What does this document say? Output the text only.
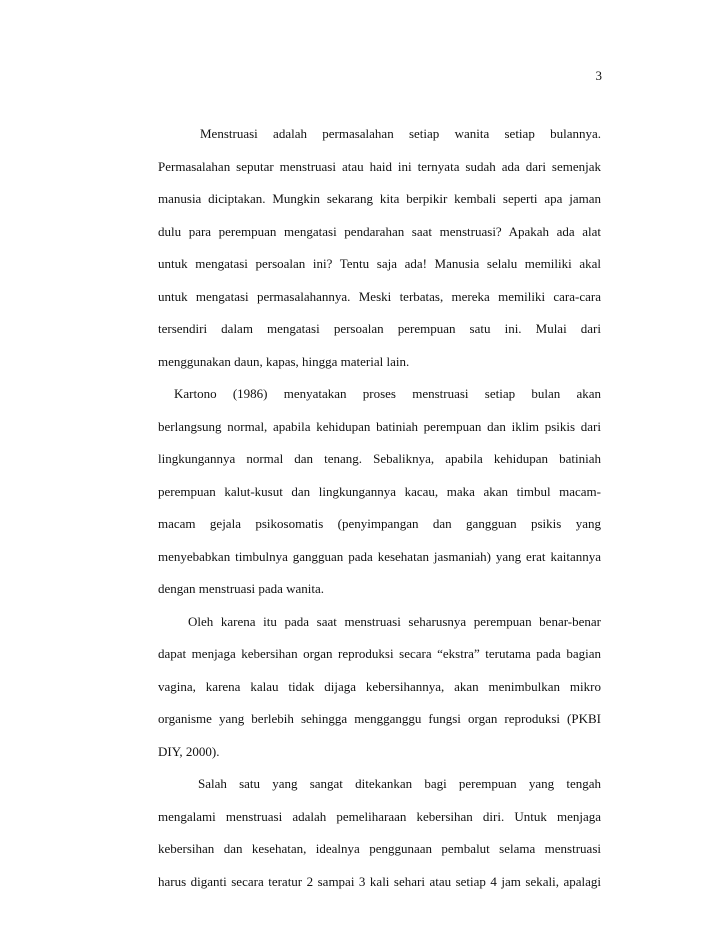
3
Menstruasi adalah permasalahan setiap wanita setiap bulannya.
Permasalahan seputar menstruasi atau haid ini ternyata sudah ada dari semenjak
manusia diciptakan. Mungkin sekarang kita berpikir kembali seperti apa jaman
dulu para perempuan mengatasi pendarahan saat menstruasi? Apakah ada alat
untuk mengatasi persoalan ini? Tentu saja ada! Manusia selalu memiliki akal
untuk mengatasi permasalahannya. Meski terbatas, mereka memiliki cara-cara
tersendiri dalam mengatasi persoalan perempuan satu ini. Mulai dari
menggunakan daun, kapas, hingga material lain.
Kartono (1986) menyatakan proses menstruasi setiap bulan akan
berlangsung normal, apabila kehidupan batiniah perempuan dan iklim psikis dari
lingkungannya normal dan tenang. Sebaliknya, apabila kehidupan batiniah
perempuan kalut-kusut dan lingkungannya kacau, maka akan timbul macam-
macam gejala psikosomatis (penyimpangan dan gangguan psikis yang
menyebabkan timbulnya gangguan pada kesehatan jasmaniah) yang erat kaitannya
dengan menstruasi pada wanita.
Oleh karena itu pada saat menstruasi seharusnya perempuan benar-benar
dapat menjaga kebersihan organ reproduksi secara “ekstra” terutama pada bagian
vagina, karena kalau tidak dijaga kebersihannya, akan menimbulkan mikro
organisme yang berlebih sehingga mengganggu fungsi organ reproduksi (PKBI
DIY, 2000).
Salah satu yang sangat ditekankan bagi perempuan yang tengah
mengalami menstruasi adalah pemeliharaan kebersihan diri. Untuk menjaga
kebersihan dan kesehatan, idealnya penggunaan pembalut selama menstruasi
harus diganti secara teratur 2 sampai 3 kali sehari atau setiap 4 jam sekali, apalagi
